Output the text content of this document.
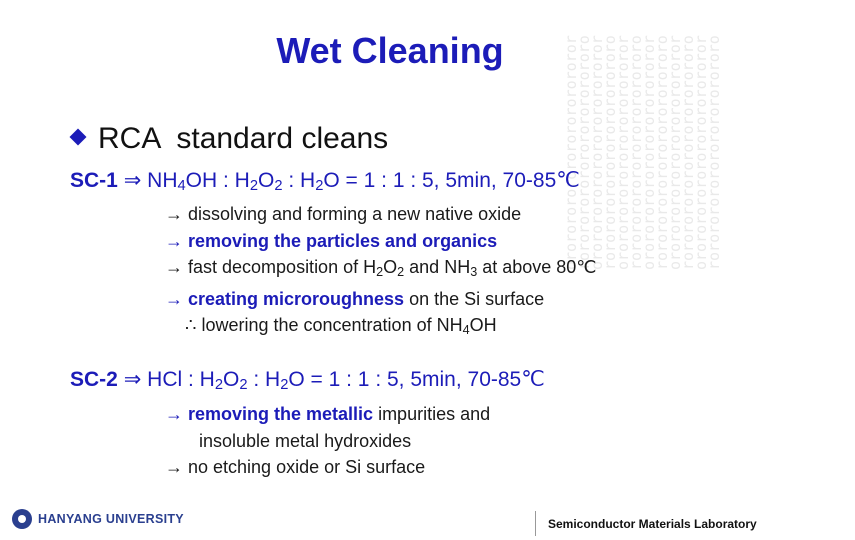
ororororororororororororor
rororororororororororororo
ororororororororororororor
rororororororororororororo
ororororororororororororor
rororororororororororororo
ororororororororororororor
rororororororororororororo
ororororororororororororor
rororororororororororororo
ororororororororororororor
rororororororororororororo
Wet Cleaning
RCA  standard cleans
SC-1 ⇒ $NH_4OH$ : $H_2O_2$ : $H_2O = 1$ : 1 : 5, 5min, 70-85℃
→ dissolving and forming a new native oxide
→ removing the particles and organics
→ fast decomposition of $H_2O_2$ and $NH_3$ at above 80℃
→ creating microroughness on the Si surface
∴ lowering the concentration of $NH_4OH$
SC-2 ⇒ HCl : $H_2O_2$ : $H_2O = 1$ : 1 : 5, 5min, 70-85℃
→ removing the metallic impurities and
insoluble metal hydroxides
→ no etching oxide or Si surface
HANYANG UNIVERSITY	Semiconductor Materials Laboratory
